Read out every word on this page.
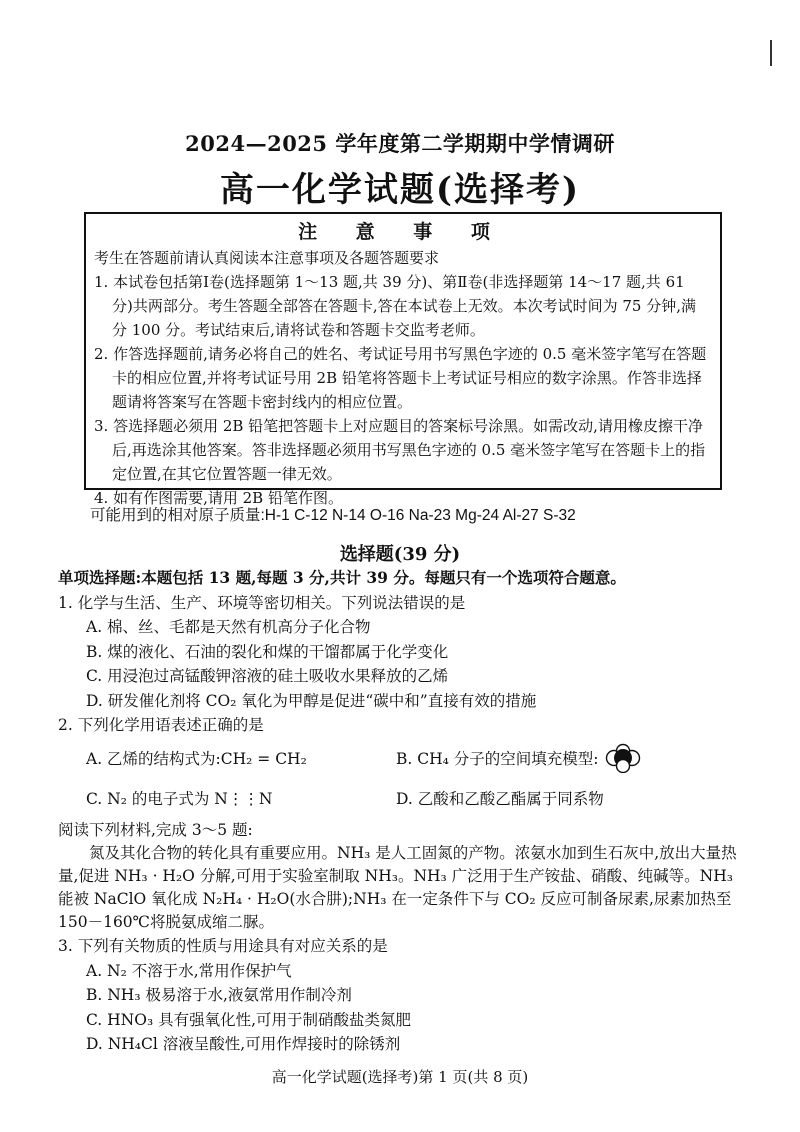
2024—2025 学年度第二学期期中学情调研
高一化学试题(选择考)
注 意 事 项

考生在答题前请认真阅读本注意事项及各题答题要求

1. 本试卷包括第Ⅰ卷(选择题第 1～13 题,共 39 分)、第Ⅱ卷(非选择题第 14～17 题,共 61 分)共两部分。考生答题全部答在答题卡,答在本试卷上无效。本次考试时间为 75 分钟,满分 100 分。考试结束后,请将试卷和答题卡交监考老师。

2. 作答选择题前,请务必将自己的姓名、考试证号用书写黑色字迹的 0.5 毫米签字笔写在答题卡的相应位置,并将考试证号用 2B 铅笔将答题卡上考试证号相应的数字涂黑。作答非选择题请将答案写在答题卡密封线内的相应位置。

3. 答选择题必须用 2B 铅笔把答题卡上对应题目的答案标号涂黑。如需改动,请用橡皮擦干净后,再选涂其他答案。答非选择题必须用书写黑色字迹的 0.5 毫米签字笔写在答题卡上的指定位置,在其它位置答题一律无效。

4. 如有作图需要,请用 2B 铅笔作图。

可能用到的相对原子质量:H-1 C-12 N-14 O-16 Na-23 Mg-24 Al-27 S-32
选择题(39 分)
单项选择题:本题包括 13 题,每题 3 分,共计 39 分。每题只有一个选项符合题意。
1. 化学与生活、生产、环境等密切相关。下列说法错误的是
A. 棉、丝、毛都是天然有机高分子化合物
B. 煤的液化、石油的裂化和煤的干馏都属于化学变化
C. 用浸泡过高锰酸钾溶液的硅土吸收水果释放的乙烯
D. 研发催化剂将 CO₂ 氧化为甲醇是促进“碳中和”直接有效的措施
2. 下列化学用语表述正确的是
A. 乙烯的结构式为:CH₂ = CH₂	B. CH₄ 分子的空间填充模型:
C. N₂ 的电子式为 N⋮⋮N	D. 乙酸和乙酸乙酯属于同系物
阅读下列材料,完成 3～5 题:
氮及其化合物的转化具有重要应用。NH₃ 是人工固氮的产物。浓氨水加到生石灰中,放出大量热量,促进 NH₃ · H₂O 分解,可用于实验室制取 NH₃。NH₃ 广泛用于生产铵盐、硝酸、纯碱等。NH₃ 能被 NaClO 氧化成 N₂H₄ · H₂O(水合肼);NH₃ 在一定条件下与 CO₂ 反应可制备尿素,尿素加热至 150－160℃将脱氨成缩二脲。
3. 下列有关物质的性质与用途具有对应关系的是
A. N₂ 不溶于水,常用作保护气
B. NH₃ 极易溶于水,液氨常用作制冷剂
C. HNO₃ 具有强氧化性,可用于制硝酸盐类氮肥
D. NH₄Cl 溶液呈酸性,可用作焊接时的除锈剂
高一化学试题(选择考)第 1 页(共 8 页)
